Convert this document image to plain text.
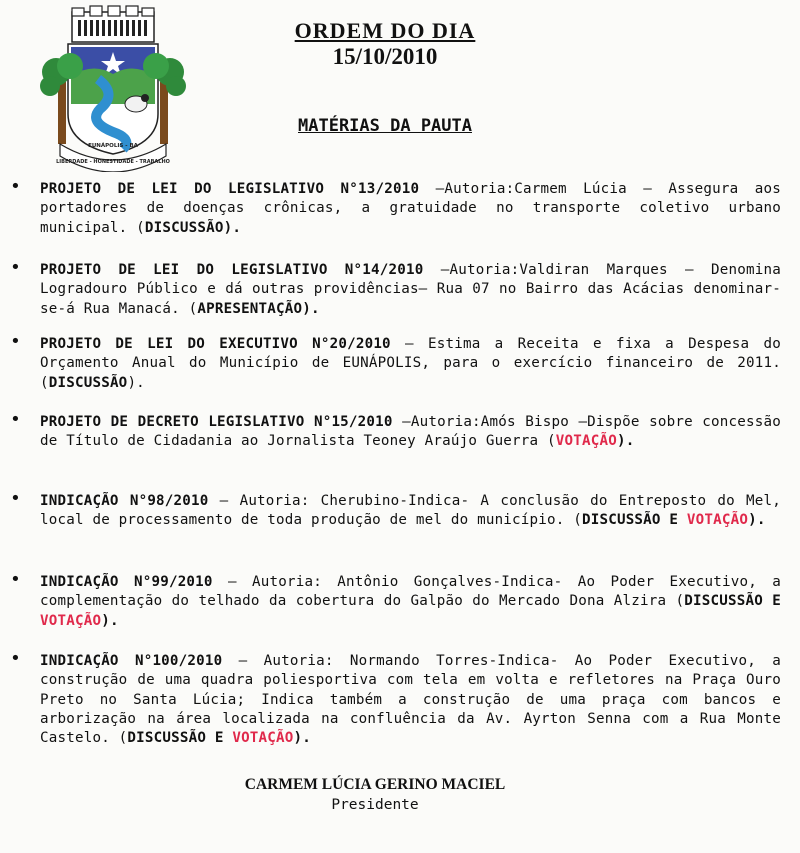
EUNÁPOLIS - BA
LIBERDADE - HONESTIDADE - TRABALHO
ORDEM DO DIA
15/10/2010
MATÉRIAS DA PAUTA
• PROJETO DE LEI DO LEGISLATIVO N°13/2010 –Autoria:Carmem Lúcia – Assegura aos portadores de doenças crônicas, a gratuidade no transporte coletivo urbano municipal. (DISCUSSÃO).
• PROJETO DE LEI DO LEGISLATIVO N°14/2010 –Autoria:Valdiran Marques – Denomina Logradouro Público e dá outras providências– Rua 07 no Bairro das Acácias denominar-se-á Rua Manacá. (APRESENTAÇÃO).
• PROJETO DE LEI DO EXECUTIVO N°20/2010 – Estima a Receita e fixa a Despesa do Orçamento Anual do Município de EUNÁPOLIS, para o exercício financeiro de 2011. (DISCUSSÃO).
• PROJETO DE DECRETO LEGISLATIVO N°15/2010 –Autoria:Amós Bispo –Dispõe sobre concessão de Título de Cidadania ao Jornalista Teoney Araújo Guerra (VOTAÇÃO).
• INDICAÇÃO N°98/2010 – Autoria: Cherubino-Indica- A conclusão do Entreposto do Mel, local de processamento de toda produção de mel do município. (DISCUSSÃO E VOTAÇÃO).
• INDICAÇÃO N°99/2010 – Autoria: Antônio Gonçalves-Indica- Ao Poder Executivo, a complementação do telhado da cobertura do Galpão do Mercado Dona Alzira (DISCUSSÃO E VOTAÇÃO).
• INDICAÇÃO N°100/2010 – Autoria: Normando Torres-Indica- Ao Poder Executivo, a construção de uma quadra poliesportiva com tela em volta e refletores na Praça Ouro Preto no Santa Lúcia; Indica também a construção de uma praça com bancos e arborização na área localizada na confluência da Av. Ayrton Senna com a Rua Monte Castelo. (DISCUSSÃO E VOTAÇÃO).
CARMEM LÚCIA GERINO MACIEL
Presidente
